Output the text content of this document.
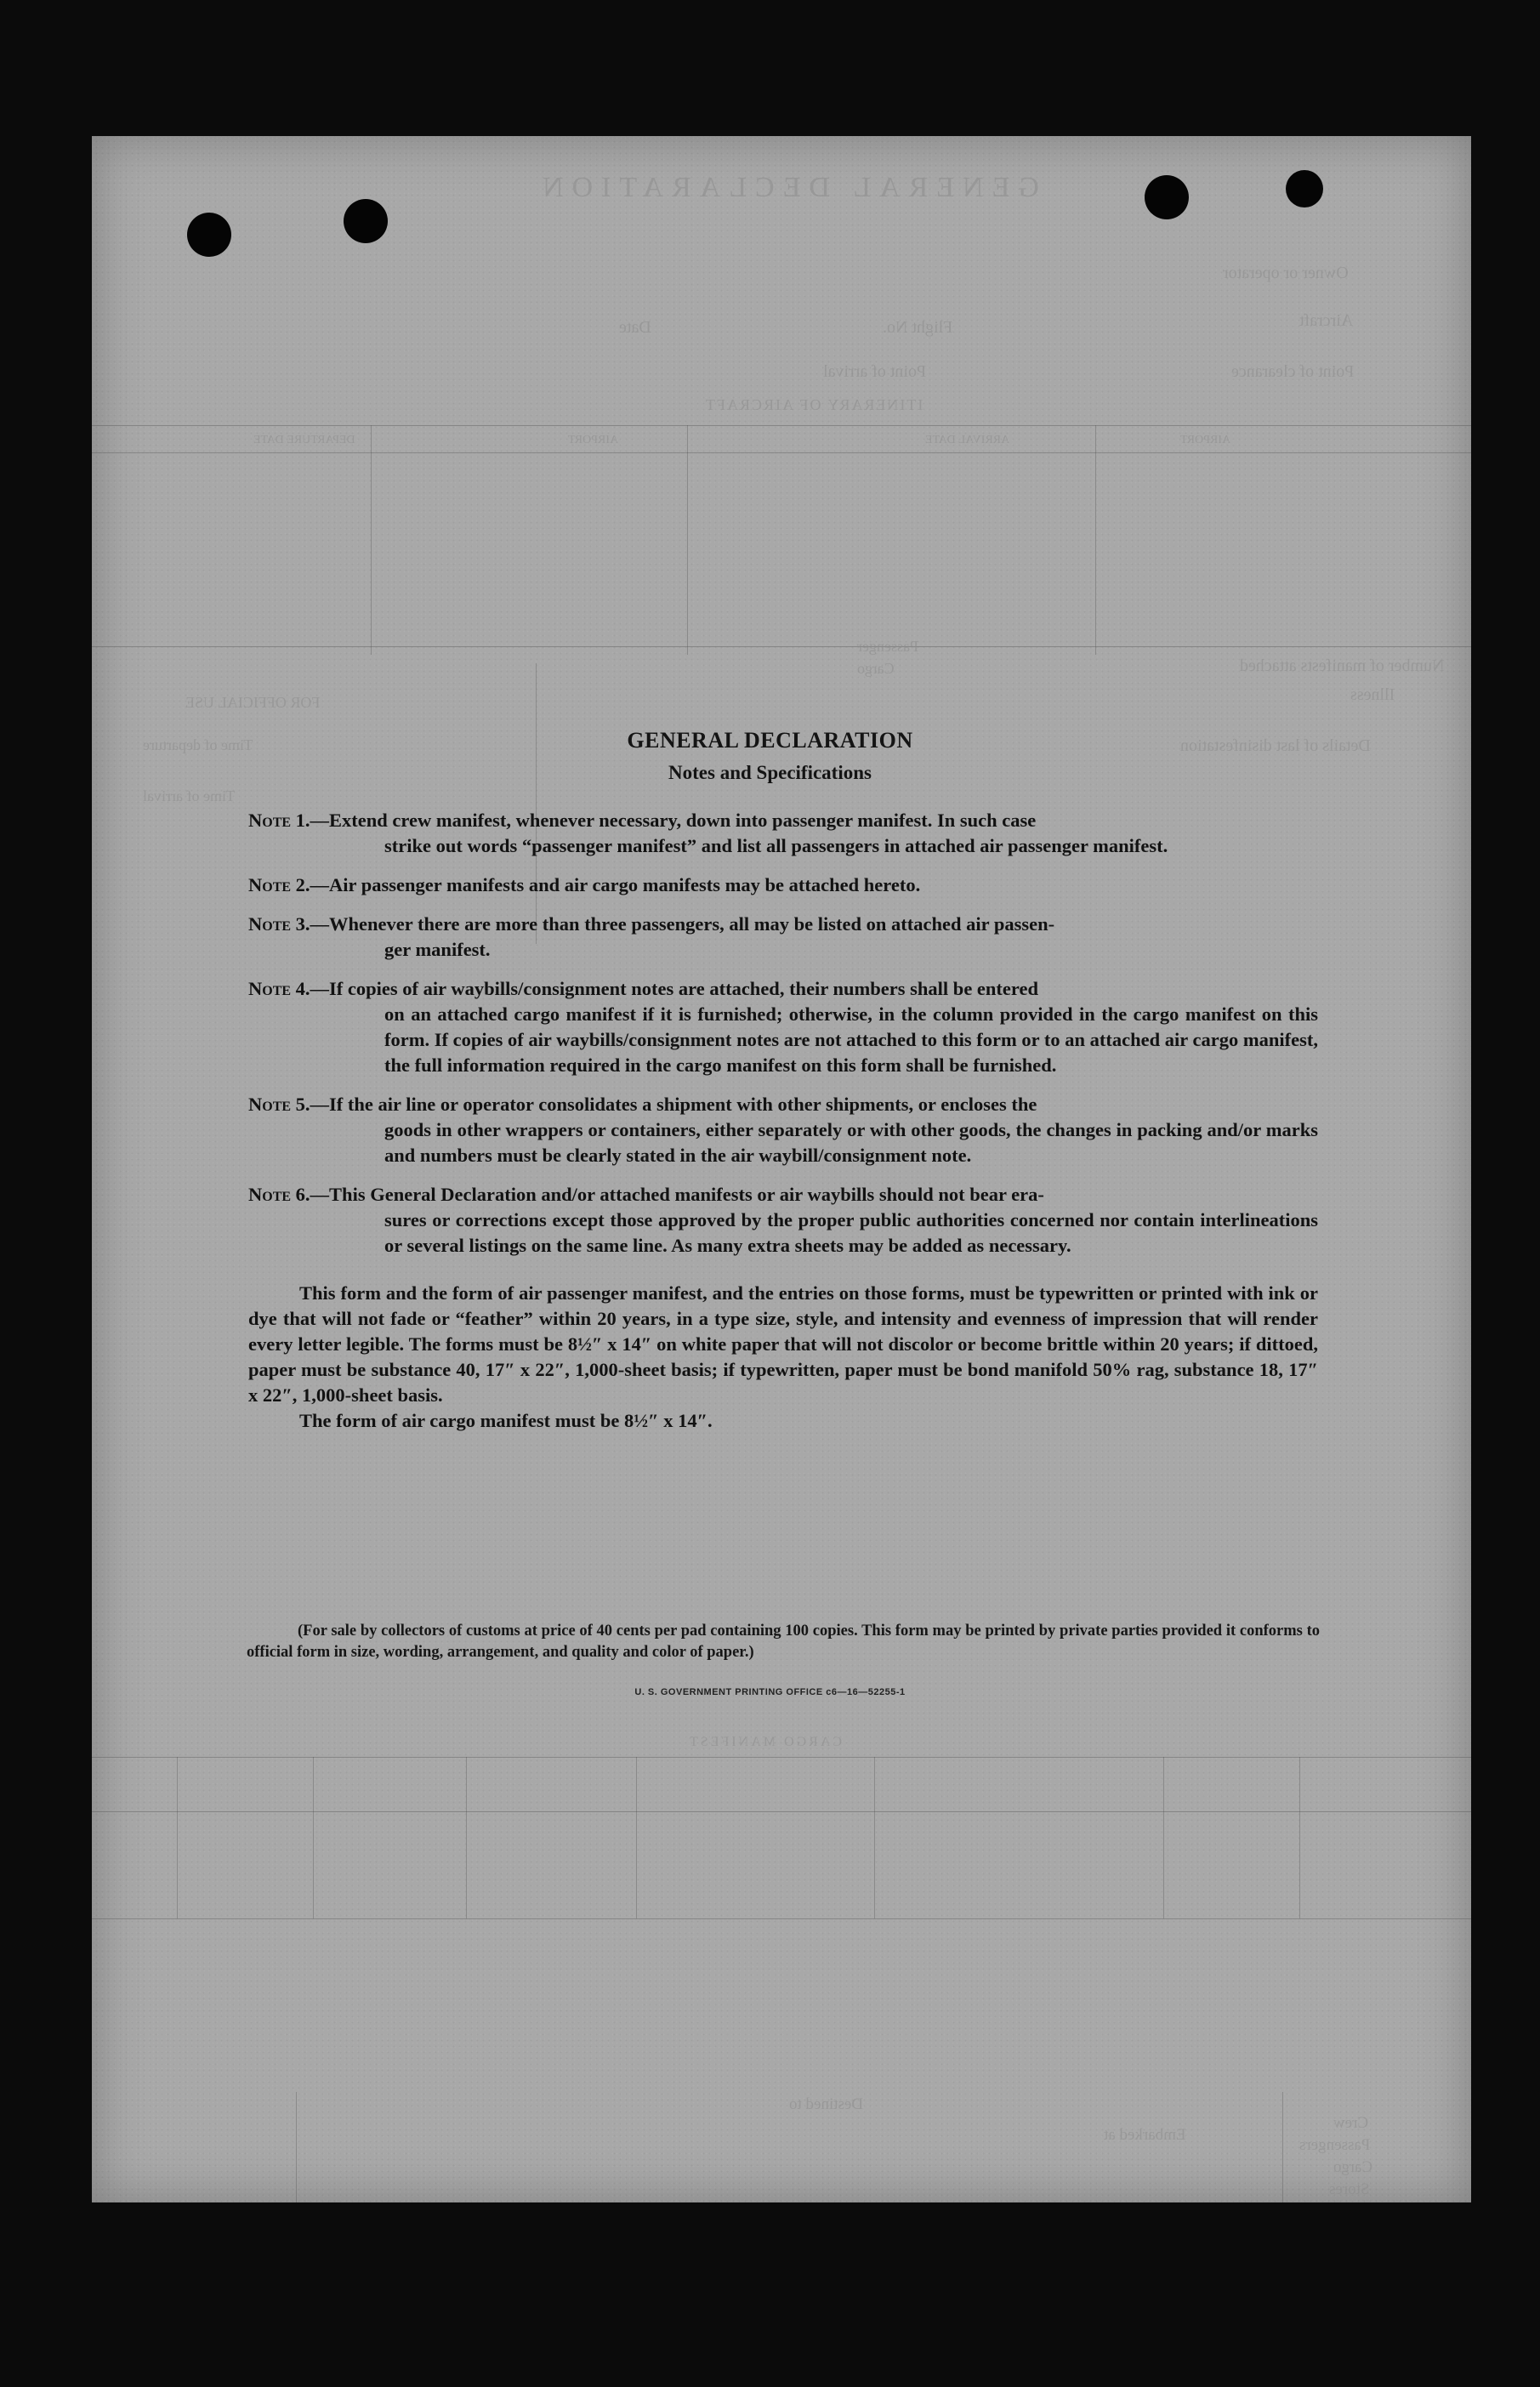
GENERAL DECLARATION
Owner or operator
Aircraft
Flight No.
Date
Point of clearance
Point of arrival
ITINERARY OF AIRCRAFT
AIRPORT
ARRIVAL DATE
AIRPORT
DEPARTURE DATE
Number of manifests attached
Passenger
Cargo
Illness
Details of last disinfestation
FOR OFFICIAL USE
Time of departure
Time of arrival
CARGO MANIFEST
Crew
Passengers
Cargo
Stores
Embarked at
Destined to
GENERAL DECLARATION
Notes and Specifications
Note 1.—Extend crew manifest, whenever necessary, down into passenger manifest. In such case
strike out words “passenger manifest” and list all passengers in attached air passenger manifest.
Note 2.—Air passenger manifests and air cargo manifests may be attached hereto.
Note 3.—Whenever there are more than three passengers, all may be listed on attached air passen-
ger manifest.
Note 4.—If copies of air waybills/consignment notes are attached, their numbers shall be entered
on an attached cargo manifest if it is furnished; otherwise, in the column provided in the cargo manifest on this form. If copies of air waybills/consignment notes are not attached to this form or to an attached air cargo manifest, the full information required in the cargo manifest on this form shall be furnished.
Note 5.—If the air line or operator consolidates a shipment with other shipments, or encloses the
goods in other wrappers or containers, either separately or with other goods, the changes in packing and/or marks and numbers must be clearly stated in the air waybill/consignment note.
Note 6.—This General Declaration and/or attached manifests or air waybills should not bear era-
sures or corrections except those approved by the proper public authorities concerned nor contain interlineations or several listings on the same line. As many extra sheets may be added as necessary.
This form and the form of air passenger manifest, and the entries on those forms, must be typewritten or printed with ink or dye that will not fade or “feather” within 20 years, in a type size, style, and intensity and evenness of impression that will render every letter legible. The forms must be 8½″ x 14″ on white paper that will not discolor or become brittle within 20 years; if dittoed, paper must be substance 40, 17″ x 22″, 1,000-sheet basis; if typewritten, paper must be bond manifold 50% rag, substance 18, 17″ x 22″, 1,000-sheet basis.
The form of air cargo manifest must be 8½″ x 14″.
(For sale by collectors of customs at price of 40 cents per pad containing 100 copies. This form may be printed by private parties provided it conforms to official form in size, wording, arrangement, and quality and color of paper.)
U. S. GOVERNMENT PRINTING OFFICE c6—16—52255-1
